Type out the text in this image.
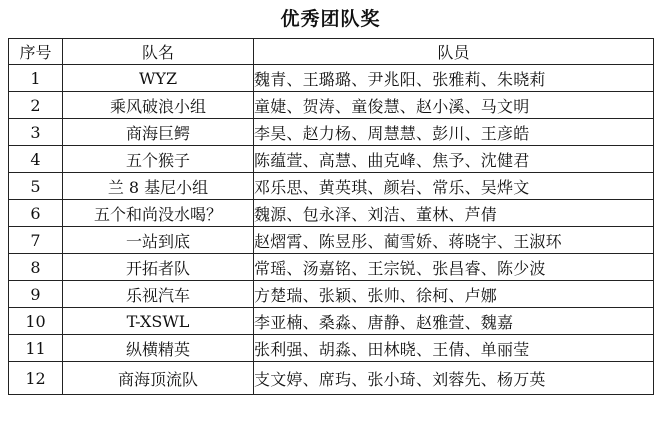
优秀团队奖
序号	队名	队员
1	WYZ	魏青、王璐璐、尹兆阳、张雅莉、朱晓莉
2	乘风破浪小组	童婕、贺涛、童俊慧、赵小溪、马文明
3	商海巨鳄	李昊、赵力杨、周慧慧、彭川、王彦皓
4	五个猴子	陈蕴萱、高慧、曲克峰、焦予、沈健君
5	兰 8 基尼小组	邓乐思、黄英琪、颜岩、常乐、吴烨文
6	五个和尚没水喝？	魏源、包永泽、刘洁、董林、芦倩
7	一站到底	赵熠霄、陈昱彤、蔺雪娇、蒋晓宇、王淑环
8	开拓者队	常瑶、汤嘉铭、王宗锐、张昌睿、陈少波
9	乐视汽车	方楚瑞、张颖、张帅、徐柯、卢娜
10	T-XSWL	李亚楠、桑淼、唐静、赵雅萱、魏嘉
11	纵横精英	张利强、胡淼、田林晓、王倩、单丽莹
12	商海顶流队	支文婷、席玙、张小琦、刘蓉先、杨万英
